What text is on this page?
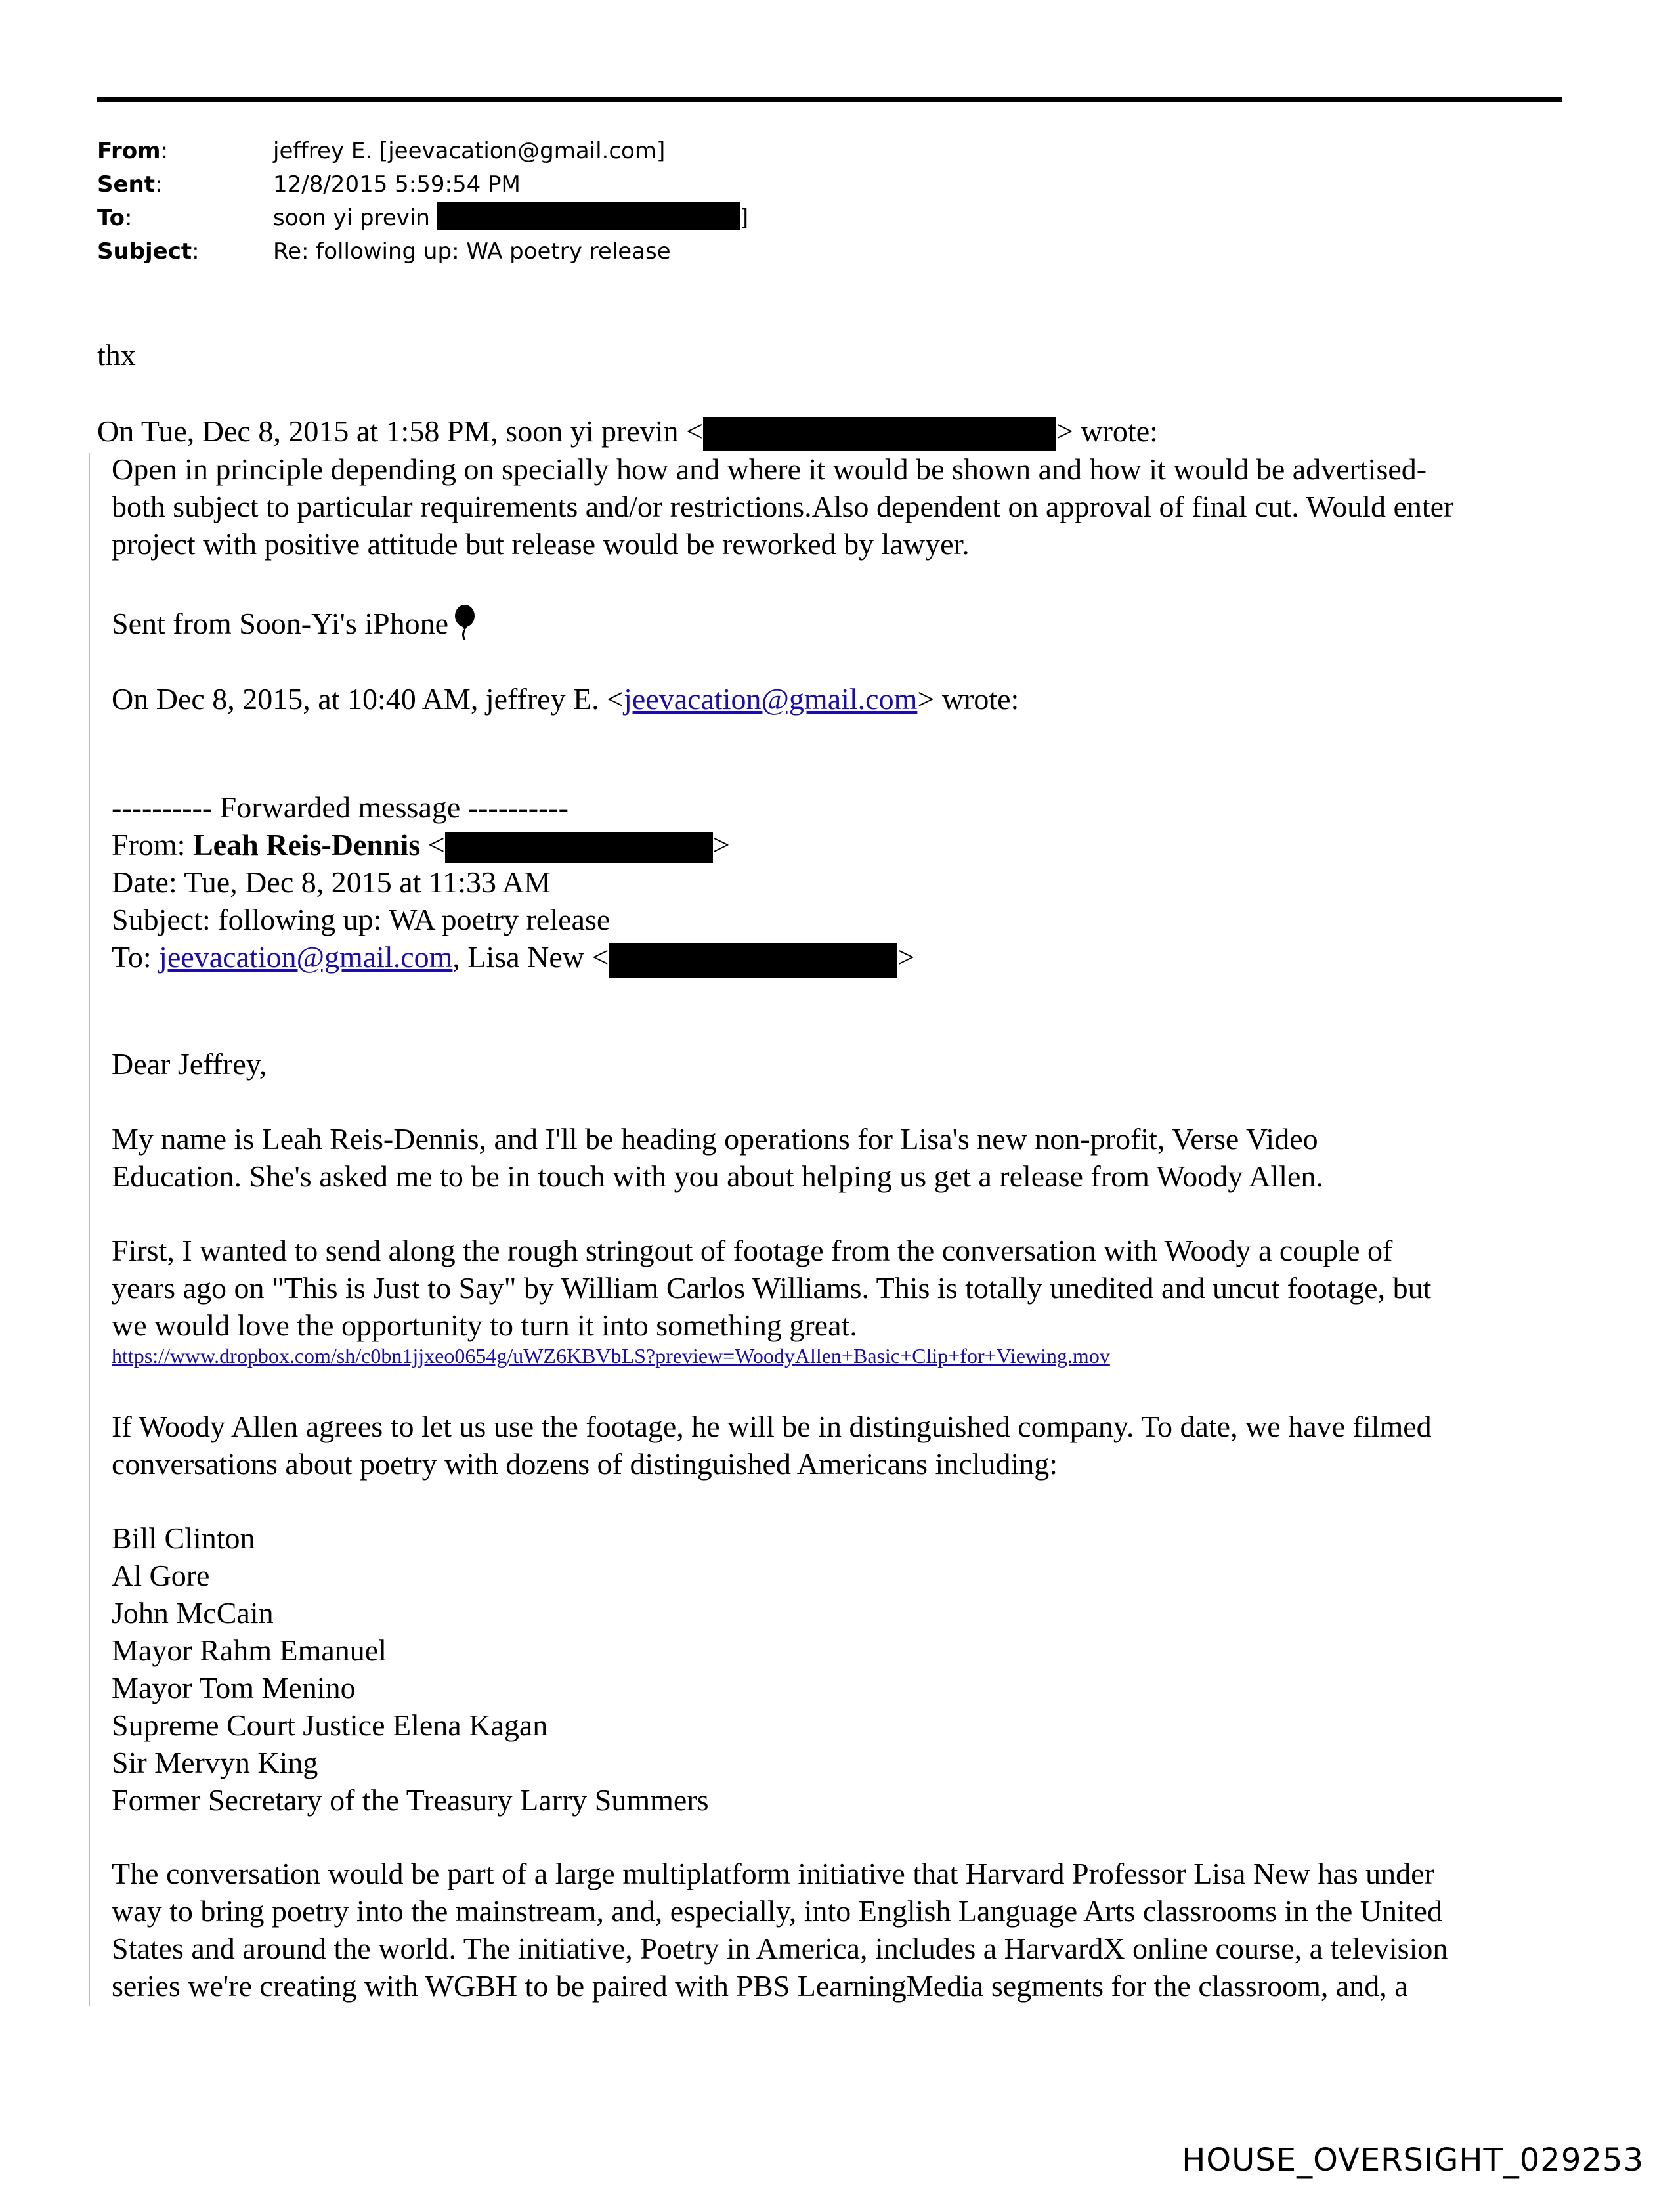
From:	jeffrey E. [jeevacation@gmail.com]
Sent:	12/8/2015 5:59:54 PM
To:	soon yi previn	]
Subject:	Re: following up: WA poetry release
thx
On Tue, Dec 8, 2015 at 1:58 PM, soon yi previn <	> wrote:
Open in principle depending on specially how and where it would be shown and how it would be advertised-
both subject to particular requirements and/or restrictions.Also dependent on approval of final cut. Would enter
project with positive attitude but release would be reworked by lawyer.
Sent from Soon-Yi's iPhone
On Dec 8, 2015, at 10:40 AM, jeffrey E. <jeevacation@gmail.com> wrote:
---------- Forwarded message ----------
From: Leah Reis-Dennis <	>
Date: Tue, Dec 8, 2015 at 11:33 AM
Subject: following up: WA poetry release
To: jeevacation@gmail.com, Lisa New <	>
Dear Jeffrey,
My name is Leah Reis-Dennis, and I'll be heading operations for Lisa's new non-profit, Verse Video
Education. She's asked me to be in touch with you about helping us get a release from Woody Allen.
First, I wanted to send along the rough stringout of footage from the conversation with Woody a couple of
years ago on "This is Just to Say" by William Carlos Williams. This is totally unedited and uncut footage, but
we would love the opportunity to turn it into something great.
https://www.dropbox.com/sh/c0bn1jjxeo0654g/uWZ6KBVbLS?preview=WoodyAllen+Basic+Clip+for+Viewing.mov
If Woody Allen agrees to let us use the footage, he will be in distinguished company. To date, we have filmed
conversations about poetry with dozens of distinguished Americans including:
Bill Clinton
Al Gore
John McCain
Mayor Rahm Emanuel
Mayor Tom Menino
Supreme Court Justice Elena Kagan
Sir Mervyn King
Former Secretary of the Treasury Larry Summers
The conversation would be part of a large multiplatform initiative that Harvard Professor Lisa New has under
way to bring poetry into the mainstream, and, especially, into English Language Arts classrooms in the United
States and around the world. The initiative, Poetry in America, includes a HarvardX online course, a television
series we're creating with WGBH to be paired with PBS LearningMedia segments for the classroom, and, a
HOUSE_OVERSIGHT_029253
